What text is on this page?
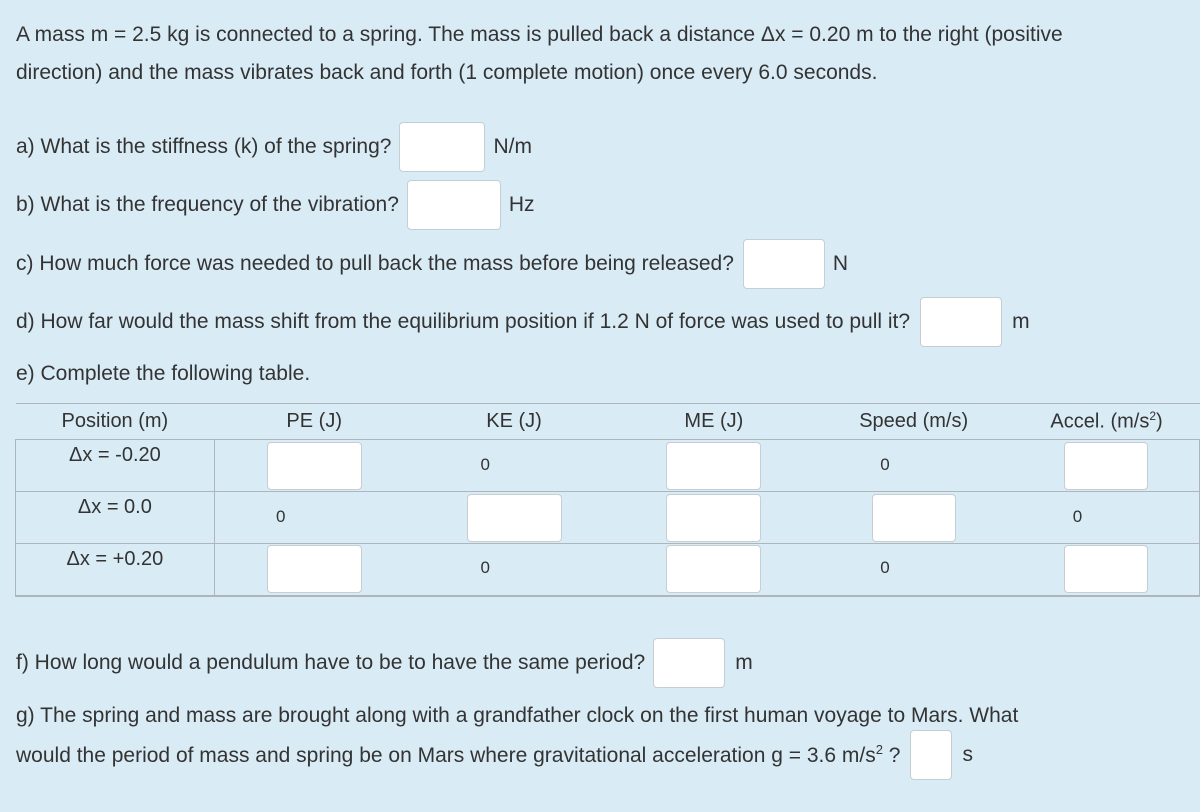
A mass m = 2.5 kg is connected to a spring. The mass is pulled back a distance Δx = 0.20 m to the right (positive
direction) and the mass vibrates back and forth (1 complete motion) once every 6.0 seconds.
a) What is the stiffness (k) of the spring?	N/m
b) What is the frequency of the vibration?	Hz
c) How much force was needed to pull back the mass before being released?	N
d) How far would the mass shift from the equilibrium position if 1.2 N of force was used to pull it?	m
e) Complete the following table.
Position (m)	PE (J)	KE (J)	ME (J)	Speed (m/s)	Accel. $(m/s^2)$
Δx = -0.20		0		0	
Δx = 0.0	0				0
Δx = +0.20		0		0	
f) How long would a pendulum have to be to have the same period?	m
g) The spring and mass are brought along with a grandfather clock on the first human voyage to Mars. What
would the period of mass and spring be on Mars where gravitational acceleration g = 3.6 $m/s^2$ ?	s
